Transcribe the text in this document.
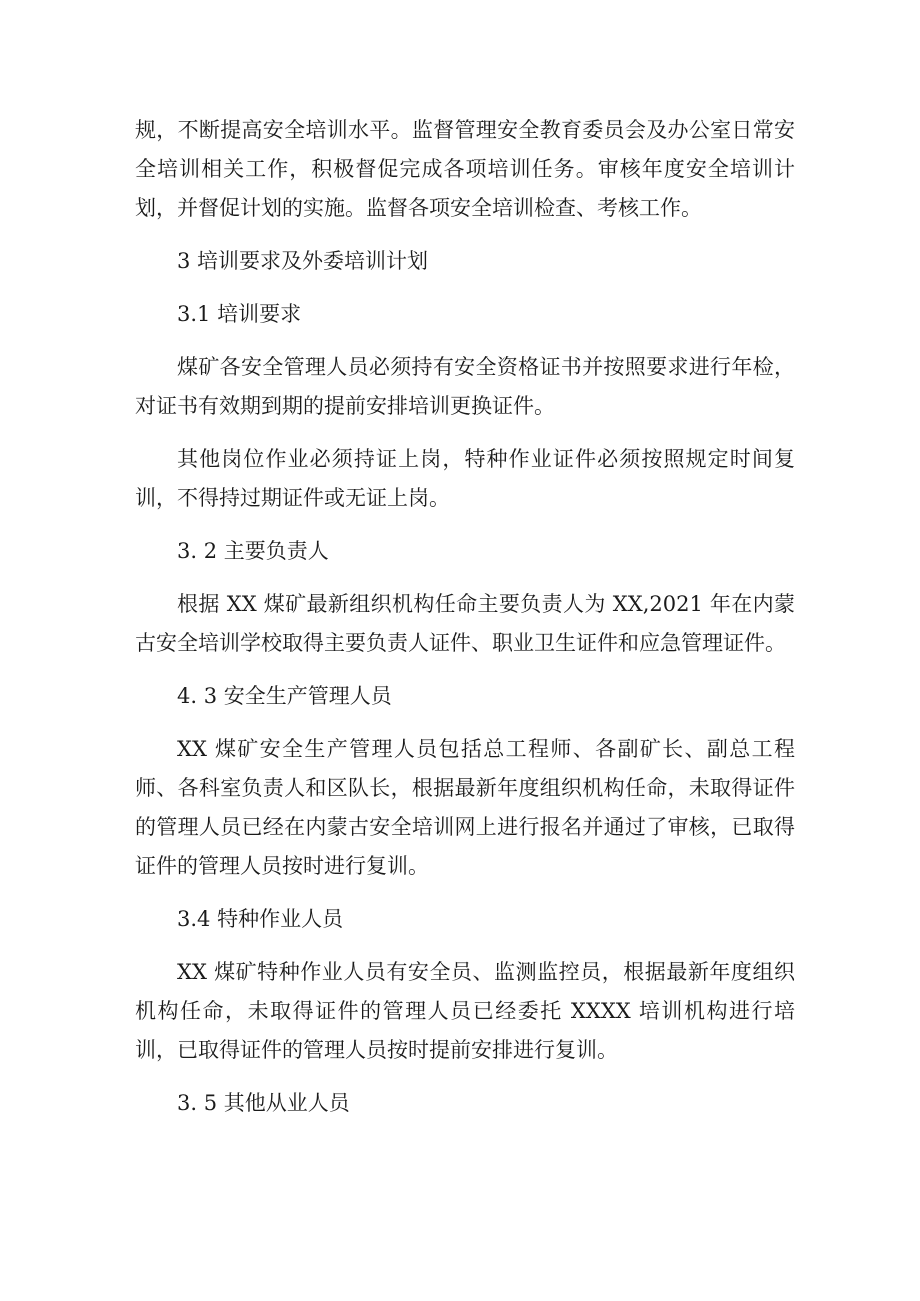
规，不断提高安全培训水平。监督管理安全教育委员会及办公室日常安全培训相关工作，积极督促完成各项培训任务。审核年度安全培训计划，并督促计划的实施。监督各项安全培训检查、考核工作。

3 培训要求及外委培训计划

3.1 培训要求

煤矿各安全管理人员必须持有安全资格证书并按照要求进行年检，对证书有效期到期的提前安排培训更换证件。

其他岗位作业必须持证上岗，特种作业证件必须按照规定时间复训，不得持过期证件或无证上岗。

3. 2 主要负责人

根据 XX 煤矿最新组织机构任命主要负责人为 XX,2021 年在内蒙古安全培训学校取得主要负责人证件、职业卫生证件和应急管理证件。

4. 3 安全生产管理人员

XX 煤矿安全生产管理人员包括总工程师、各副矿长、副总工程师、各科室负责人和区队长，根据最新年度组织机构任命，未取得证件的管理人员已经在内蒙古安全培训网上进行报名并通过了审核，已取得证件的管理人员按时进行复训。

3.4 特种作业人员

XX 煤矿特种作业人员有安全员、监测监控员，根据最新年度组织机构任命，未取得证件的管理人员已经委托 XXXX 培训机构进行培训，已取得证件的管理人员按时提前安排进行复训。

3. 5 其他从业人员
